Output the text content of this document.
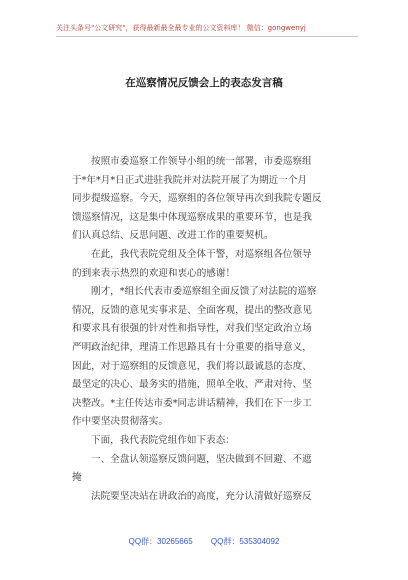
关注头条号"公文研究"，获得最新最全最专业的公文资料库！ 微信：gongwenyj
在巡察情况反馈会上的表态发言稿
按照市委巡察工作领导小组的统一部署，市委巡察组
于*年*月*日正式进驻我院并对法院开展了为期近一个月
同步提级巡察。今天，巡察组的各位领导再次到我院专题反
馈巡察情况，这是集中体现巡察成果的重要环节，也是我
们认真总结、反思问题、改进工作的重要契机。
在此，我代表院党组及全体干警，对巡察组各位领导
的到来表示热烈的欢迎和衷心的感谢！
刚才，*组长代表市委巡察组全面反馈了对法院的巡察
情况，反馈的意见实事求是、全面客观，提出的整改意见
和要求具有很强的针对性和指导性，对我们坚定政治立场
严明政治纪律，理清工作思路具有十分重要的指导意义，
因此，对于巡察组的反馈意见，我们将以最诚恳的态度、
最坚定的决心、最务实的措施，照单全收、严肃对待、坚
决整改。*主任传达市委*同志讲话精神，我们在下一步工
作中要坚决贯彻落实。
下面，我代表院党组作如下表态：
一、全盘认领巡察反馈问题，坚决做到不回避、不遮
掩
法院要坚决站在讲政治的高度，充分认清做好巡察反
QQ群：30265665 QQ群：535304092
